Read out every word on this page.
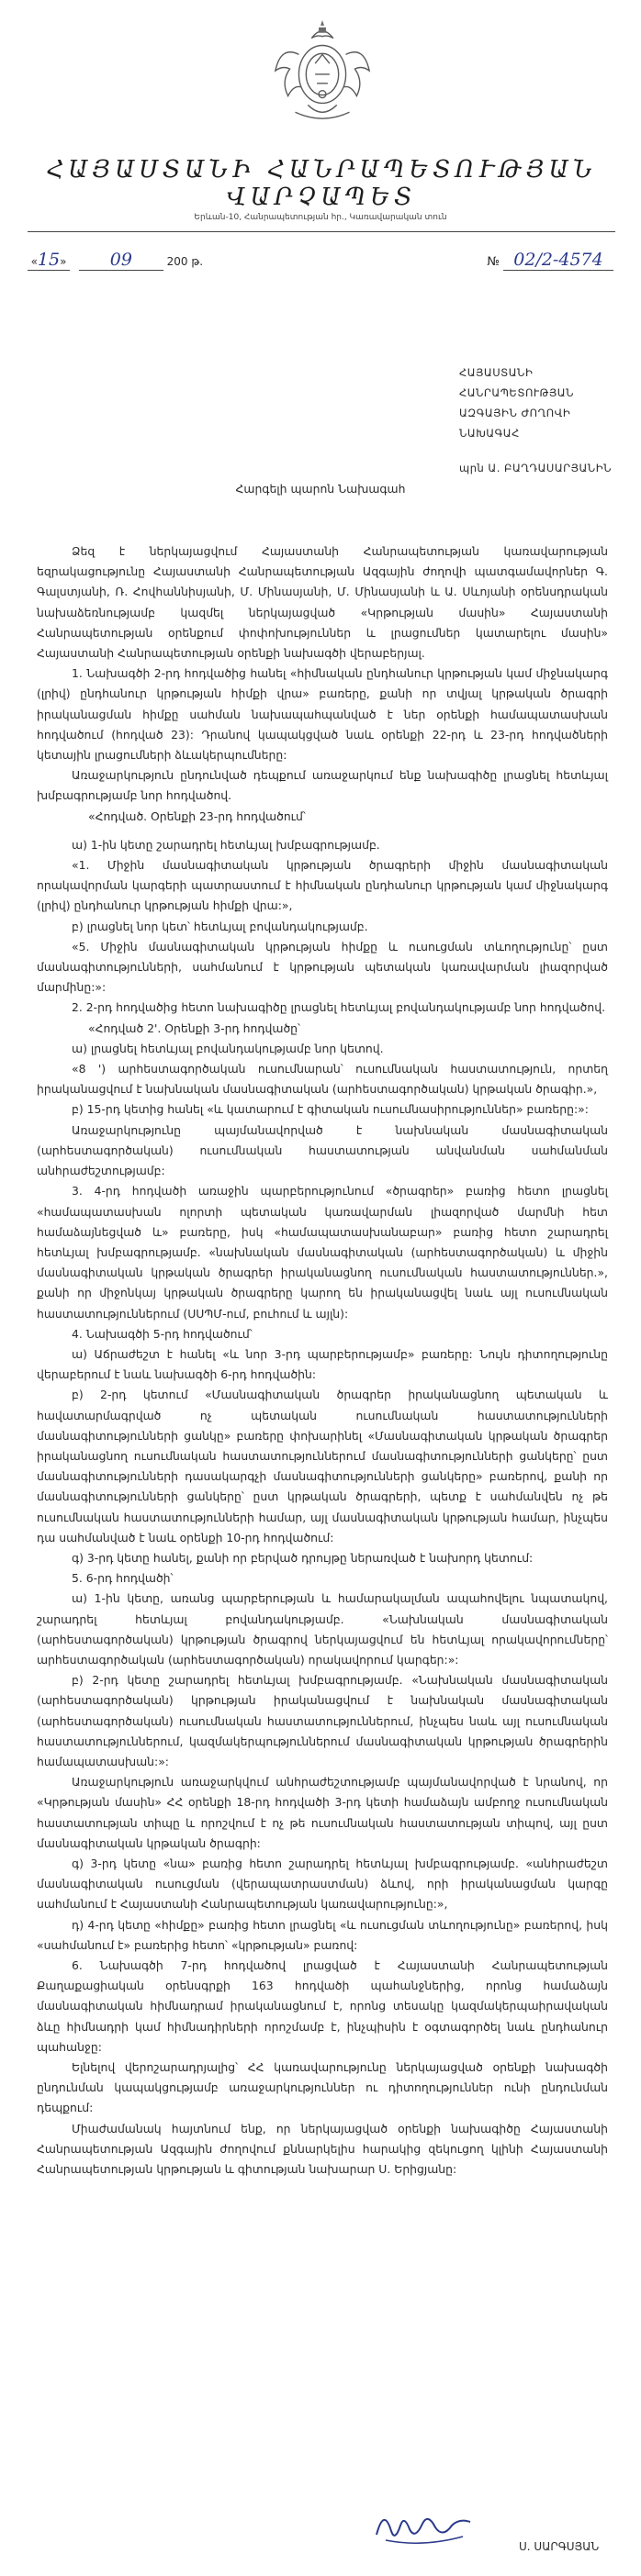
ՀԱՅԱՍՏԱՆԻ ՀԱՆՐԱՊԵՏՈՒԹՅԱՆ ՎԱՐՉԱՊԵՏ
Երևան-10, Հանրապետության հր., Կառավարական տուն
«15» 09	200 թ.	№ 02/2-4574
ՀԱՅԱՍՏԱՆԻ ՀԱՆՐԱՊԵՏՈՒԹՅԱՆ
ԱԶԳԱՅԻՆ ԺՈՂՈՎԻ ՆԱԽԱԳԱՀ
պրն Ա. ԲԱՂԴԱՍԱՐՅԱՆԻՆ
Հարգելի պարոն Նախագահ

Ձեզ է ներկայացվում Հայաստանի Հանրապետության կառավարության եզրակացությունը Հայաստանի Հանրապետության Ազգային ժողովի պատգամավորներ Գ. Գալստյանի, Ռ. Հովհաննիսյանի, Մ. Մինասյանի, Մ. Մինասյանի և Ա. Սևոյանի օրենսդրական նախաձեռնությամբ կազմել ներկայացված «Կրթության մասին» Հայաստանի Հանրապետության օրենքում փոփոխություններ և լրացումներ կատարելու մասին» Հայաստանի Հանրապետության օրենքի նախագծի վերաբերյալ.

1. Նախագծի 2-րդ հոդվածից հանել «հիմնական ընդհանուր կրթության կամ միջնակարգ (լրիվ) ընդհանուր կրթության հիմքի վրա» բառերը, քանի որ տվյալ կրթական ծրագրի իրականացման հիմքը սահման նախապահպանված է ներ օրենքի համապատասխան հոդվածում (հոդված 23): Դրանով կապակցված նաև օրենքի 22-րդ և 23-րդ հոդվածների կետային լրացումների ձևակերպումները:

Առաջարկություն ընդունված դեպքում առաջարկում ենք նախագիծը լրացնել հետևյալ խմբագրությամբ նոր հոդվածով.

«Հոդված. Օրենքի 23-րդ հոդվածում՝

ա) 1-ին կետը շարադրել հետևյալ խմբագրությամբ.

«1. Միջին մասնագիտական կրթության ծրագրերի միջին մասնագիտական որակավորման կարգերի պատրաստում է հիմնական ընդհանուր կրթության կամ միջնակարգ (լրիվ) ընդհանուր կրթության հիմքի վրա:»,

բ) լրացնել նոր կետ՝ հետևյալ բովանդակությամբ.

«5. Միջին մասնագիտական կրթության հիմքը և ուսուցման տևողությունը՝ ըստ մասնագիտությունների, սահմանում է կրթության պետական կառավարման լիազորված մարմինը:»:

2. 2-րդ հոդվածից հետո նախագիծը լրացնել հետևյալ բովանդակությամբ նոր հոդվածով.

«Հոդված 2'. Օրենքի 3-րդ հոդվածը՝

ա) լրացնել հետևյալ բովանդակությամբ նոր կետով.

«8 ') արհեստագործական ուսումնարան՝ ուսումնական հաստատություն, որտեղ իրականացվում է նախնական մասնագիտական (արհեստագործական) կրթական ծրագիր.»,

բ) 15-րդ կետից հանել «և կատարում է գիտական ուսումնասիրություններ» բառերը:»:

Առաջարկությունը պայմանավորված է նախնական մասնագիտական (արհեստագործական) ուսումնական հաստատության անվանման սահմանման անհրաժեշտությամբ:

3. 4-րդ հոդվածի առաջին պարբերությունում «ծրագրեր» բառից հետո լրացնել «համապատասխան ոլորտի պետական կառավարման լիազորված մարմնի հետ համաձայնեցված և» բառերը, իսկ «համապատասխանաբար» բառից հետո շարադրել հետևյալ խմբագրությամբ. «նախնական մասնագիտական (արհեստագործական) և միջին մասնագիտական կրթական ծրագրեր իրականացնող ուսումնական հաստատություններ.», քանի որ միջոնկայ կրթական ծրագրերը կարող են իրականացվել նաև այլ ուսումնական հաստատություններում (ՍՍՊՄ-ում, բուհում և այլն):

4. Նախագծի 5-րդ հոդվածում՝

ա) Աճրաժեշտ է հանել «և նոր 3-րդ պարբերությամբ» բառերը: Նույն դիտողությունը վերաբերում է նաև նախագծի 6-րդ հոդվածին:

բ) 2-րդ կետում «Մասնագիտական ծրագրեր իրականացնող պետական և հավատարմագրված ոչ պետական ուսումնական հաստատությունների մասնագիտությունների ցանկը» բառերը փոխարինել «Մասնագիտական կրթական ծրագրեր իրականացնող ուսումնական հաստատություններում մասնագիտությունների ցանկերը՝ ըստ մասնագիտությունների դասակարգչի մասնագիտությունների ցանկերը» բառերով, քանի որ մասնագիտությունների ցանկերը՝ ըստ կրթական ծրագրերի, պետք է սահմանվեն ոչ թե ուսումնական հաստատությունների համար, այլ մասնագիտական կրթության համար, ինչպես դա սահմանված է նաև օրենքի 10-րդ հոդվածում:

գ) 3-րդ կետը հանել, քանի որ բերված դրույթը ներառված է նախորդ կետում:

5. 6-րդ հոդվածի՝

ա) 1-ին կետը, առանց պարբերության և համարակալման ապահովելու նպատակով, շարադրել հետևյալ բովանդակությամբ. «Նախնական մասնագիտական (արհեստագործական) կրթության ծրագրով ներկայացվում են հետևյալ որակավորումները՝ արհեստագործական (արհեստագործական) որակավորում կարգեր:»:

բ) 2-րդ կետը շարադրել հետևյալ խմբագրությամբ. «Նախնական մասնագիտական (արհեստագործական) կրթության իրականացվում է նախնական մասնագիտական (արհեստագործական) ուսումնական հաստատություններում, ինչպես նաև այլ ուսումնական հաստատություններում, կազմակերպություններում մասնագիտական կրթության ծրագրերին համապատասխան:»:

Առաջարկություն առաջարկվում անհրաժեշտությամբ պայմանավորված է նրանով, որ «Կրթության մասին» ՀՀ օրենքի 18-րդ հոդվածի 3-րդ կետի համաձայն ամբողջ ուսումնական հաստատության տիպը և որոշվում է ոչ թե ուսումնական հաստատության տիպով, այլ ըստ մասնագիտական կրթական ծրագրի:

գ) 3-րդ կետը «նա» բառից հետո շարադրել հետևյալ խմբագրությամբ. «անհրաժեշտ մասնագիտական ուսուցման (վերապատրաստման) ձևով, որի իրականացման կարգը սահմանում է Հայաստանի Հանրապետության կառավարությունը:»,

դ) 4-րդ կետը «հիմքը» բառից հետո լրացնել «և ուսուցման տևողությունը» բառերով, իսկ «սահմանում է» բառերից հետո՝ «կրթության» բառով:

6. Նախագծի 7-րդ հոդվածով լրացված է Հայաստանի Հանրապետության Քաղաքացիական օրենսգրքի 163 հոդվածի պահանջներից, որոնց համաձայն մասնագիտական հիմնադրամ իրականացնում է, որոնց տեսակը կազմակերպաիրավական ձևը հիմնադրի կամ հիմնադիրների որոշմամբ է, ինչպիսին է օգտագործել նաև ընդհանուր պահանջը:

Ելնելով վերոշարադրյալից՝ ՀՀ կառավարությունը ներկայացված օրենքի նախագծի ընդունման կապակցությամբ առաջարկություններ ու դիտողություններ ունի ընդունման դեպքում:

Միաժամանակ հայտնում ենք, որ ներկայացված օրենքի նախագիծը Հայաստանի Հանրապետության Ազգային ժողովում քննարկելիս հարակից զեկուցող կլինի Հայաստանի Հանրապետության կրթության և գիտության նախարար Ս. Երիցյանը:

Ս. ՍԱՐԳՍՅԱՆ
